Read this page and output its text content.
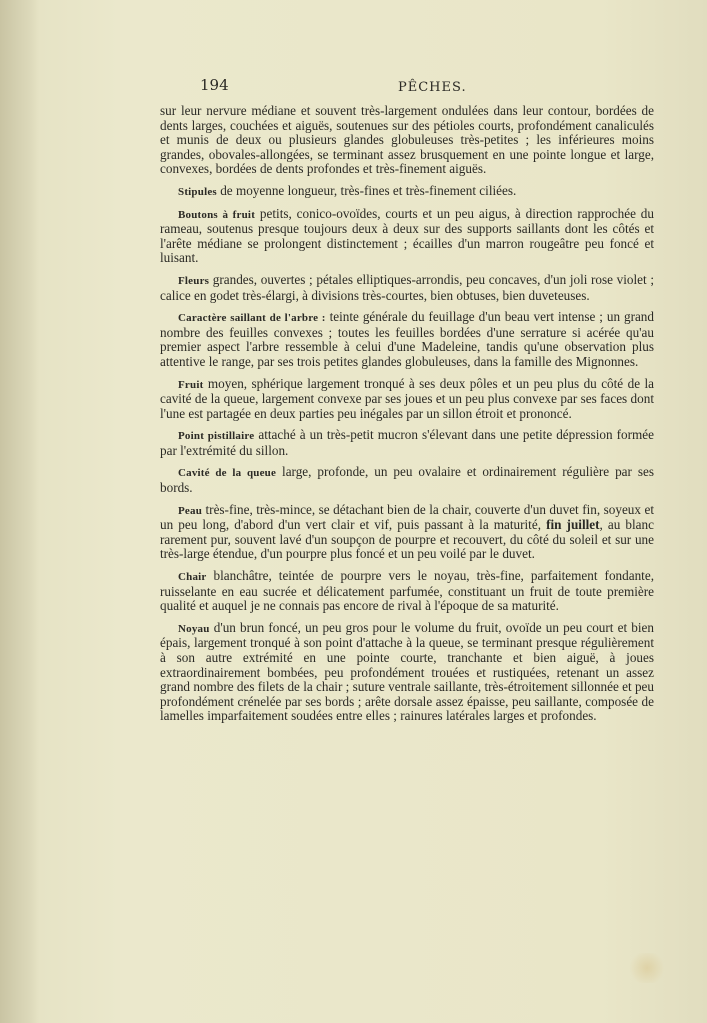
194	PÊCHES.

sur leur nervure médiane et souvent très-largement ondulées dans leur contour, bordées de dents larges, couchées et aiguës, soutenues sur des pétioles courts, profondément canaliculés et munis de deux ou plusieurs glandes globuleuses très-petites ; les inférieures moins grandes, obovales-allongées, se terminant assez brusquement en une pointe longue et large, convexes, bordées de dents profondes et très-finement aiguës.

Stipules de moyenne longueur, très-fines et très-finement ciliées.

Boutons à fruit petits, conico-ovoïdes, courts et un peu aigus, à direction rapprochée du rameau, soutenus presque toujours deux à deux sur des supports saillants dont les côtés et l'arête médiane se prolongent distinctement ; écailles d'un marron rougeâtre peu foncé et luisant.

Fleurs grandes, ouvertes ; pétales elliptiques-arrondis, peu concaves, d'un joli rose violet ; calice en godet très-élargi, à divisions très-courtes, bien obtuses, bien duveteuses.

Caractère saillant de l'arbre : teinte générale du feuillage d'un beau vert intense ; un grand nombre des feuilles convexes ; toutes les feuilles bordées d'une serrature si acérée qu'au premier aspect l'arbre ressemble à celui d'une Madeleine, tandis qu'une observation plus attentive le range, par ses trois petites glandes globuleuses, dans la famille des Mignonnes.

Fruit moyen, sphérique largement tronqué à ses deux pôles et un peu plus du côté de la cavité de la queue, largement convexe par ses joues et un peu plus convexe par ses faces dont l'une est partagée en deux parties peu inégales par un sillon étroit et prononcé.

Point pistillaire attaché à un très-petit mucron s'élevant dans une petite dépression formée par l'extrémité du sillon.

Cavité de la queue large, profonde, un peu ovalaire et ordinairement régulière par ses bords.

Peau très-fine, très-mince, se détachant bien de la chair, couverte d'un duvet fin, soyeux et un peu long, d'abord d'un vert clair et vif, puis passant à la maturité, fin juillet, au blanc rarement pur, souvent lavé d'un soupçon de pourpre et recouvert, du côté du soleil et sur une très-large étendue, d'un pourpre plus foncé et un peu voilé par le duvet.

Chair blanchâtre, teintée de pourpre vers le noyau, très-fine, parfaitement fondante, ruisselante en eau sucrée et délicatement parfumée, constituant un fruit de toute première qualité et auquel je ne connais pas encore de rival à l'époque de sa maturité.

Noyau d'un brun foncé, un peu gros pour le volume du fruit, ovoïde un peu court et bien épais, largement tronqué à son point d'attache à la queue, se terminant presque régulièrement à son autre extrémité en une pointe courte, tranchante et bien aiguë, à joues extraordinairement bombées, peu profondément trouées et rustiquées, retenant un assez grand nombre des filets de la chair ; suture ventrale saillante, très-étroitement sillonnée et peu profondément crénelée par ses bords ; arête dorsale assez épaisse, peu saillante, composée de lamelles imparfaitement soudées entre elles ; rainures latérales larges et profondes.
